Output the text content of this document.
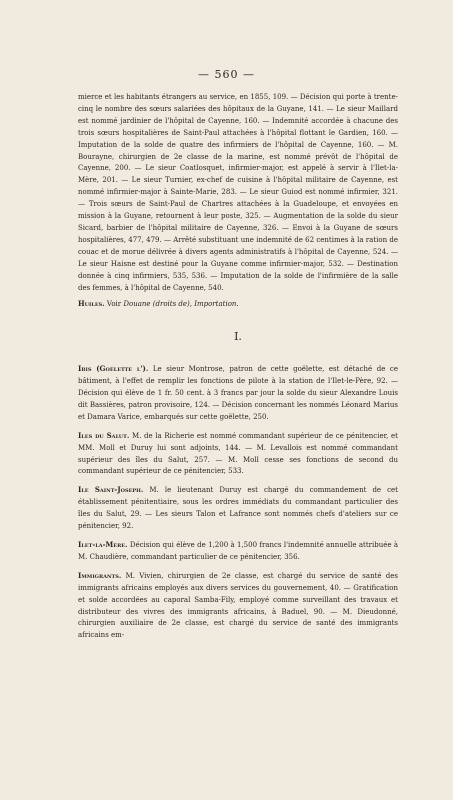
— 560 —

mierce et les habitants étrangers au service, en 1855, 109. — Décision qui porte à trente-cinq le nombre des sœurs salariées des hôpitaux de la Guyane, 141. — Le sieur Maillard est nommé jardinier de l'hôpital de Cayenne, 160. — Indemnité accordée à chacune des trois sœurs hospitalières de Saint-Paul attachées à l'hôpital flottant le Gardien, 160. — Imputation de la solde de quatre des infirmiers de l'hôpital de Cayenne, 160. — M. Bourayne, chirurgien de 2e classe de la marine, est nommé prévôt de l'hôpital de Cayenne, 200. — Le sieur Coatlosquet, infirmier-major, est appelé à servir à l'Ilet-la-Mère, 201. — Le sieur Turnier, ex-chef de cuisine à l'hôpital militaire de Cayenne, est nommé infirmier-major à Sainte-Marie, 283. — Le sieur Guiod est nommé infirmier, 321. — Trois sœurs de Saint-Paul de Chartres attachées à la Guadeloupe, et envoyées en mission à la Guyane, retournent à leur poste, 325. — Augmentation de la solde du sieur Sicard, barbier de l'hôpital militaire de Cayenne, 326. — Envoi à la Guyane de sœurs hospitalières, 477, 479. — Arrêté substituant une indemnité de 62 centimes à la ration de couac et de morue délivrée à divers agents administratifs à l'hôpital de Cayenne, 524. — Le sieur Haisne est destiné pour la Guyane comme infirmier-major, 532. — Destination donnée à cinq infirmiers, 535, 536. — Imputation de la solde de l'infirmière de la salle des femmes, à l'hôpital de Cayenne, 540.

Huiles. Voir Douane (droits de), Importation.

I.

Ibis (Goélette l'). Le sieur Montrose, patron de cette goëlette, est détaché de ce bâtiment, à l'effet de remplir les fonctions de pilote à la station de l'Ilet-le-Père, 92. —Décision qui élève de 1 fr. 50 cent. à 3 francs par jour la solde du sieur Alexandre Louis dit Bassières, patron provisoire, 124. — Décision concernant les nommés Léonard Marius et Damara Varice, embarqués sur cette goëlette, 250.

Iles du Salut. M. de la Richerie est nommé commandant supérieur de ce pénitencier, et MM. Moll et Duruy lui sont adjoints, 144. — M. Levallois est nommé commandant supérieur des îles du Salut, 257. — M. Moll cesse ses fonctions de second du commandant supérieur de ce pénitencier, 533.

Ile Saint-Joseph. M. le lieutenant Duruy est chargé du commandement de cet établissement pénitentiaire, sous les ordres immédiats du commandant particulier des îles du Salut, 29. — Les sieurs Talon et Lafrance sont nommés chefs d'ateliers sur ce pénitencier, 92.

Ilet-la-Mère. Décision qui élève de 1,200 à 1,500 francs l'indemnité annuelle attribuée à M. Chaudière, commandant particulier de ce pénitencier, 356.

Immigrants. M. Vivien, chirurgien de 2e classe, est chargé du service de santé des immigrants africains employés aux divers services du gouvernement, 40. — Gratification et solde accordées au caporal Samba-Fily, employé comme surveillant des travaux et distributeur des vivres des immigrants africains, à Baduel, 90. — M. Dieudonné, chirurgien auxiliaire de 2e classe, est chargé du service de santé des immigrants africains em-
